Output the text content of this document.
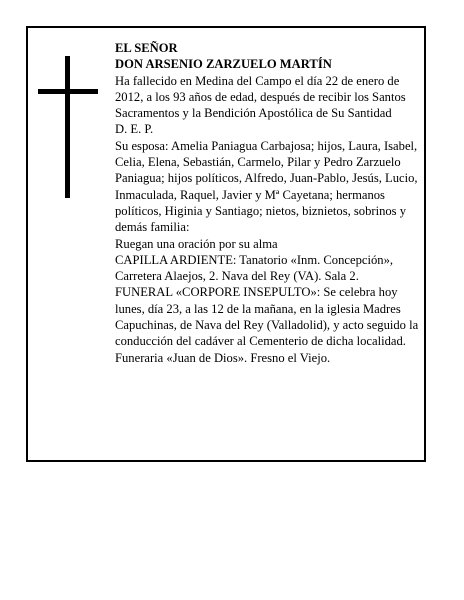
EL SEÑOR

DON ARSENIO ZARZUELO MARTÍN

Ha fallecido en Medina del Campo el día 22 de enero de 2012, a los 93 años de edad, después de recibir los Santos Sacramentos y la Bendición Apostólica de Su Santidad

D. E. P.

Su esposa: Amelia Paniagua Carbajosa; hijos, Laura, Isabel, Celia, Elena, Sebastián, Carmelo, Pilar y Pedro Zarzuelo Paniagua; hijos políticos, Alfredo, Juan-Pablo, Jesús, Lucio, Inmaculada, Raquel, Javier y Mª Cayetana; hermanos políticos, Higinia y Santiago; nietos, biznietos, sobrinos y demás familia:

Ruegan una oración por su alma

CAPILLA ARDIENTE: Tanatorio «Inm. Concepción», Carretera Alaejos, 2. Nava del Rey (VA). Sala 2.

FUNERAL «CORPORE INSEPULTO»: Se celebra hoy lunes, día 23, a las 12 de la mañana, en la iglesia Madres Capuchinas, de Nava del Rey (Valladolid), y acto seguido la conducción del cadáver al Cementerio de dicha localidad.

Funeraria «Juan de Dios». Fresno el Viejo.
